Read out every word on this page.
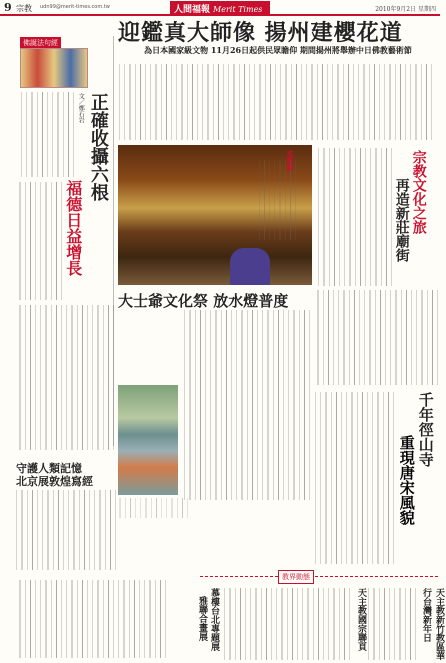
9 宗教 udn99@merit-times.com.tw	人間福報 Merit Times	2010年9月2日 星期四
迎鑑真大師像 揚州建櫻花道
為日本國家級文物 11月26日起供民眾瞻仰 期間揚州將舉辦中日佛教藝術節
佛誕法句經
正確收攝六根
福德日益增長
文／鄭石岩
戎蔡廟	宗教文化之旅
再造新莊廟街
大士爺文化祭 放水燈普度
守護人類記憶
北京展敦煌寫經
千年徑山寺
重現唐宋風貌
教界動態
慕樓台北專題展
雅聯合畫展	天主教國宗聯頁	天主教新竹教區華行台灣新年日
